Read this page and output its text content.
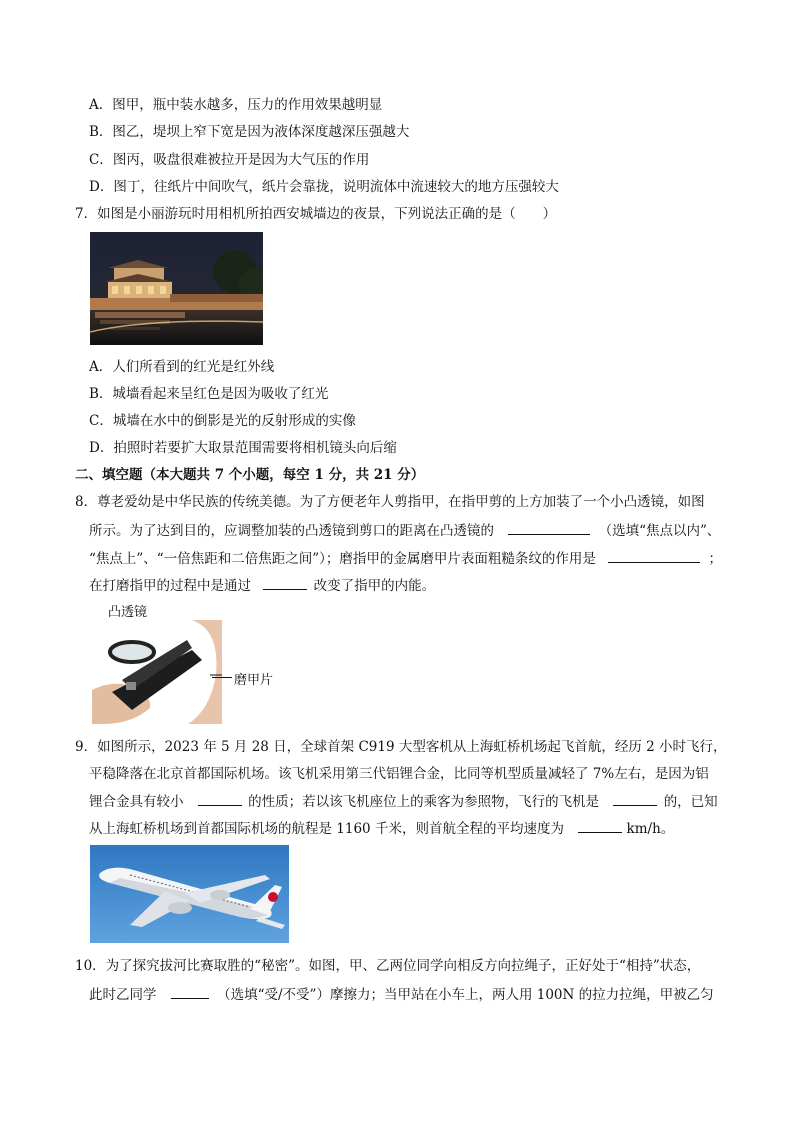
A．图甲，瓶中装水越多，压力的作用效果越明显
B．图乙，堤坝上窄下宽是因为液体深度越深压强越大
C．图丙，吸盘很难被拉开是因为大气压的作用
D．图丁，往纸片中间吹气，纸片会靠拢，说明流体中流速较大的地方压强较大
7．如图是小丽游玩时用相机所拍西安城墙边的夜景，下列说法正确的是（　　）
A．人们所看到的红光是红外线
B．城墙看起来呈红色是因为吸收了红光
C．城墙在水中的倒影是光的反射形成的实像
D．拍照时若要扩大取景范围需要将相机镜头向后缩
二、填空题（本大题共 7 个小题，每空 1 分，共 21 分）
8．尊老爱幼是中华民族的传统美德。为了方便老年人剪指甲，在指甲剪的上方加装了一个小凸透镜，如图
所示。为了达到目的，应调整加装的凸透镜到剪口的距离在凸透镜的	（选填“焦点以内”、
“焦点上”、“一倍焦距和二倍焦距之间”）；磨指甲的金属磨甲片表面粗糙条纹的作用是	；
在打磨指甲的过程中是通过	改变了指甲的内能。
凸透镜
磨甲片
9．如图所示，2023 年 5 月 28 日，全球首架 C919 大型客机从上海虹桥机场起飞首航，经历 2 小时飞行，
平稳降落在北京首都国际机场。该飞机采用第三代铝锂合金，比同等机型质量减轻了 7%左右，是因为铝
锂合金具有较小	的性质；若以该飞机座位上的乘客为参照物，飞行的飞机是	的，已知
从上海虹桥机场到首都国际机场的航程是 1160 千米，则首航全程的平均速度为	km/h。
10．为了探究拔河比赛取胜的“秘密”。如图，甲、乙两位同学向相反方向拉绳子，正好处于“相持”状态，
此时乙同学	（选填“受/不受”）摩擦力；当甲站在小车上，两人用 100N 的拉力拉绳，甲被乙匀
